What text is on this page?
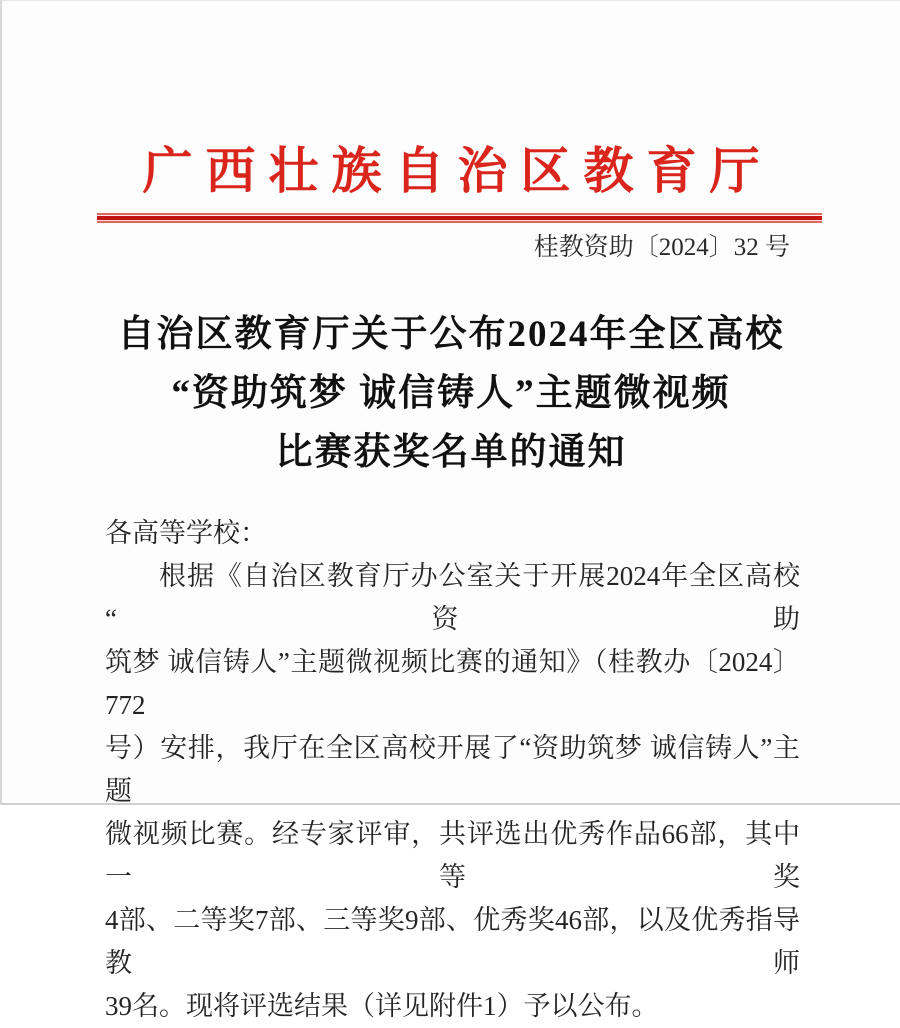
广西壮族自治区教育厅
桂教资助〔2024〕32 号
自治区教育厅关于公布2024年全区高校
“资助筑梦 诚信铸人”主题微视频
比赛获奖名单的通知
各高等学校：
根据《自治区教育厅办公室关于开展2024年全区高校“资助
筑梦 诚信铸人”主题微视频比赛的通知》（桂教办〔2024〕772
号）安排，我厅在全区高校开展了“资助筑梦 诚信铸人”主题
微视频比赛。经专家评审，共评选出优秀作品66部，其中一等奖
4部、二等奖7部、三等奖9部、优秀奖46部，以及优秀指导教师
39名。现将评选结果（详见附件1）予以公布。
